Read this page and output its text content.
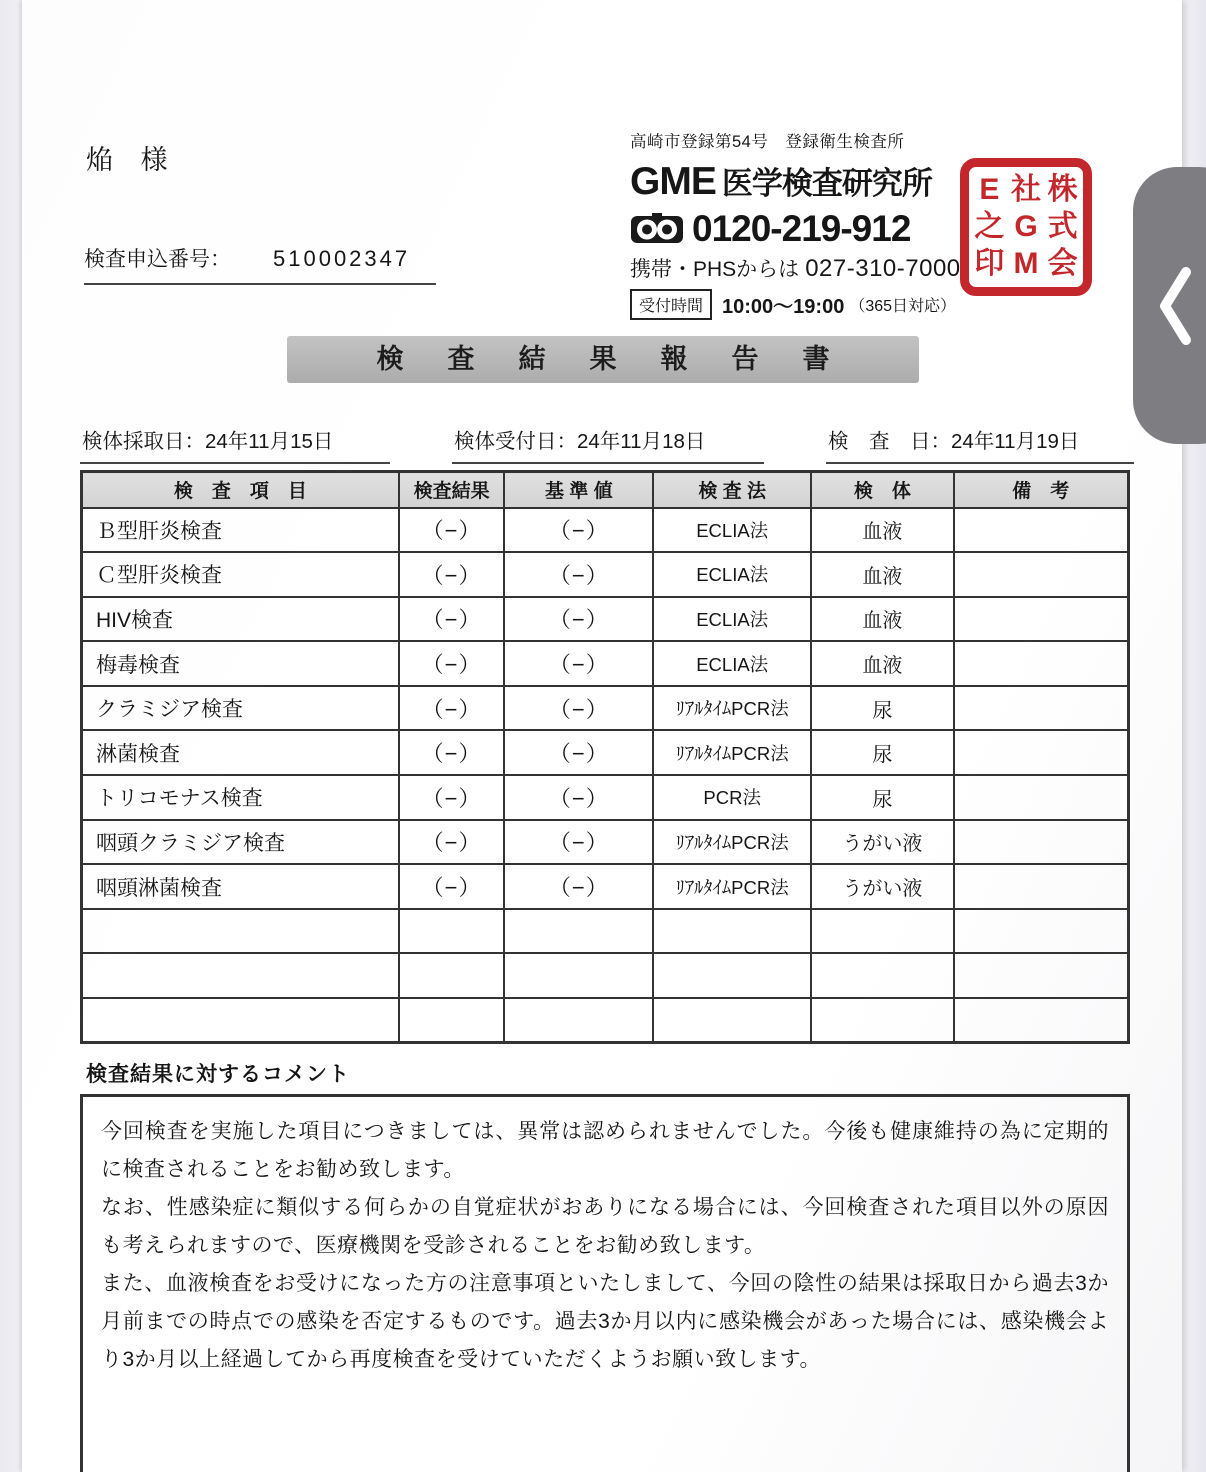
焔 様
検査申込番号： 510002347
高崎市登録第54号　登録衛生検査所
GME 医学検査研究所
0120-219-912
携帯・PHSからは 027-310-7000
受付時間 10:00～19:00 （365日対応）
株
式
会
社
G
M
E
之
印
検査結果報告書
検体採取日：24年11月15日	検体受付日：24年11月18日	検　査　日：24年11月19日
検　査　項　目	検査結果	基 準 値	検 査 法	検　体	備　考
Ｂ型肝炎検査	（−）	（−）	ECLIA法	血液	
Ｃ型肝炎検査	（−）	（−）	ECLIA法	血液	
HIV検査	（−）	（−）	ECLIA法	血液	
梅毒検査	（−）	（−）	ECLIA法	血液	
クラミジア検査	（−）	（−）	ﾘｱﾙﾀｲﾑPCR法	尿	
淋菌検査	（−）	（−）	ﾘｱﾙﾀｲﾑPCR法	尿	
トリコモナス検査	（−）	（−）	PCR法	尿	
咽頭クラミジア検査	（−）	（−）	ﾘｱﾙﾀｲﾑPCR法	うがい液	
咽頭淋菌検査	（−）	（−）	ﾘｱﾙﾀｲﾑPCR法	うがい液	

検査結果に対するコメント

今回検査を実施した項目につきましては、異常は認められませんでした。今後も健康維持の為に定期的に検査されることをお勧め致します。

なお、性感染症に類似する何らかの自覚症状がおありになる場合には、今回検査された項目以外の原因も考えられますので、医療機関を受診されることをお勧め致します。

また、血液検査をお受けになった方の注意事項といたしまして、今回の陰性の結果は採取日から過去3か月前までの時点での感染を否定するものです。過去3か月以内に感染機会があった場合には、感染機会より3か月以上経過してから再度検査を受けていただくようお願い致します。
